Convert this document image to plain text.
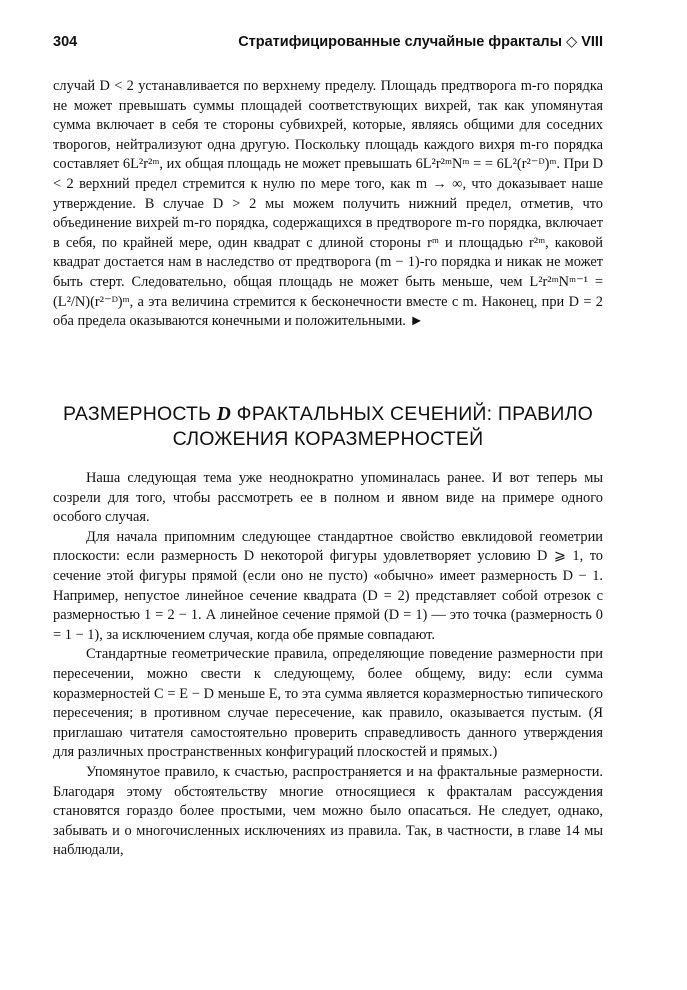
304	Стратифицированные случайные фракталы ◇ VIII

случай D < 2 устанавливается по верхнему пределу. Площадь предтворога m-го порядка не может превышать суммы площадей соответствующих вихрей, так как упомянутая сумма включает в себя те стороны субвихрей, которые, являясь общими для соседних творогов, нейтрализуют одна другую. Поскольку площадь каждого вихря m-го порядка составляет 6L²r²ᵐ, их общая площадь не может превышать 6L²r²ᵐNᵐ = = 6L²(r²⁻ᴰ)ᵐ. При D < 2 верхний предел стремится к нулю по мере того, как m → ∞, что доказывает наше утверждение. В случае D > 2 мы можем получить нижний предел, отметив, что объединение вихрей m-го порядка, содержащихся в предтвороге m-го порядка, включает в себя, по крайней мере, один квадрат с длиной стороны rᵐ и площадью r²ᵐ, каковой квадрат достается нам в наследство от предтворога (m − 1)-го порядка и никак не может быть стерт. Следовательно, общая площадь не может быть меньше, чем L²r²ᵐNᵐ⁻¹ = (L²/N)(r²⁻ᴰ)ᵐ, а эта величина стремится к бесконечности вместе с m. Наконец, при D = 2 оба предела оказываются конечными и положительными. ►

РАЗМЕРНОСТЬ D ФРАКТАЛЬНЫХ СЕЧЕНИЙ: ПРАВИЛО
СЛОЖЕНИЯ КОРАЗМЕРНОСТЕЙ

Наша следующая тема уже неоднократно упоминалась ранее. И вот теперь мы созрели для того, чтобы рассмотреть ее в полном и явном виде на примере одного особого случая.

Для начала припомним следующее стандартное свойство евклидовой геометрии плоскости: если размерность D некоторой фигуры удовлетворяет условию D ⩾ 1, то сечение этой фигуры прямой (если оно не пусто) «обычно» имеет размерность D − 1. Например, непустое линейное сечение квадрата (D = 2) представляет собой отрезок с размерностью 1 = 2 − 1. А линейное сечение прямой (D = 1) — это точка (размерность 0 = 1 − 1), за исключением случая, когда обе прямые совпадают.

Стандартные геометрические правила, определяющие поведение размерности при пересечении, можно свести к следующему, более общему, виду: если сумма коразмерностей C = E − D меньше E, то эта сумма является коразмерностью типического пересечения; в противном случае пересечение, как правило, оказывается пустым. (Я приглашаю читателя самостоятельно проверить справедливость данного утверждения для различных пространственных конфигураций плоскостей и прямых.)

Упомянутое правило, к счастью, распространяется и на фрактальные размерности. Благодаря этому обстоятельству многие относящиеся к фракталам рассуждения становятся гораздо более простыми, чем можно было опасаться. Не следует, однако, забывать и о многочисленных исключениях из правила. Так, в частности, в главе 14 мы наблюдали,
